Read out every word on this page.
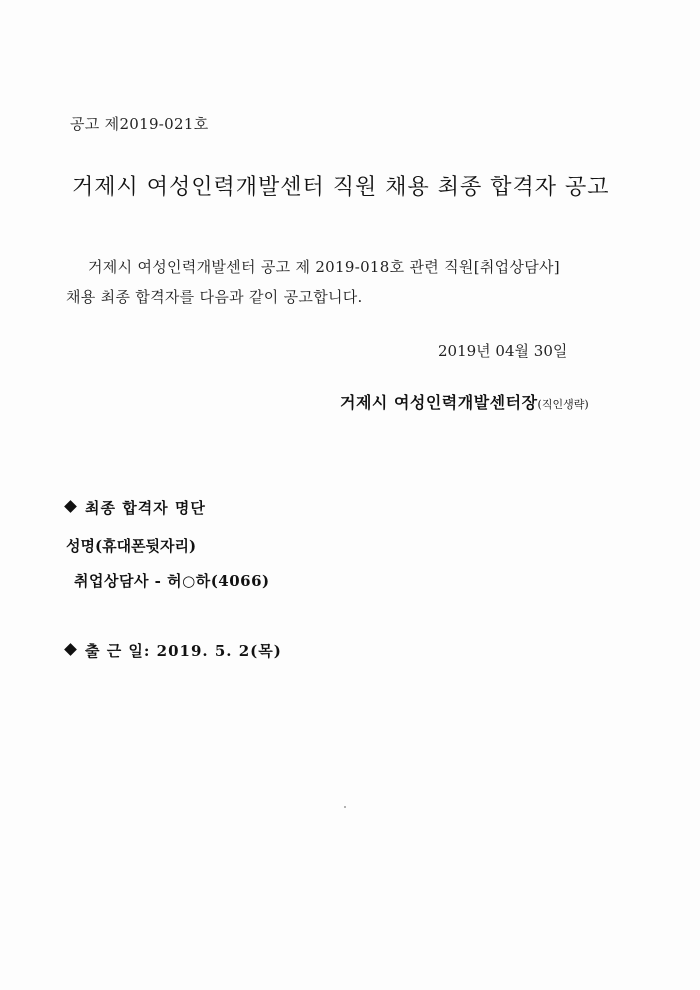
공고 제2019-021호
거제시 여성인력개발센터 직원 채용 최종 합격자 공고
거제시 여성인력개발센터 공고 제 2019-018호 관련 직원[취업상담사]
채용 최종 합격자를 다음과 같이 공고합니다.
2019년 04월 30일
거제시 여성인력개발센터장(직인생략)
최종 합격자 명단
성명(휴대폰뒷자리)
취업상담사 - 허○하(4066)
출 근 일: 2019. 5. 2(목)
